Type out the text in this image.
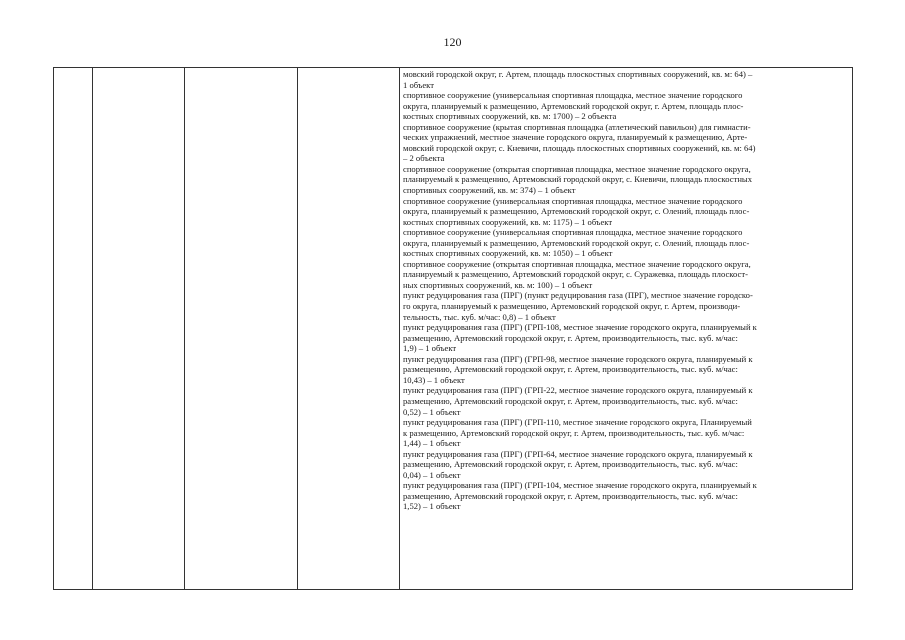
120
мовский городской округ, г. Артем, площадь плоскостных спортивных сооружений, кв. м: 64) –
1 объект
спортивное сооружение (универсальная спортивная площадка, местное значение городского
округа, планируемый к размещению, Артемовский городской округ, г. Артем, площадь плос-
костных спортивных сооружений, кв. м: 1700) – 2 объекта
спортивное сооружение (крытая спортивная площадка (атлетический павильон) для гимнасти-
ческих упражнений, местное значение городского округа, планируемый к размещению, Арте-
мовский городской округ, с. Кневичи, площадь плоскостных спортивных сооружений, кв. м: 64)
– 2 объекта
спортивное сооружение (открытая спортивная площадка, местное значение городского округа,
планируемый к размещению, Артемовский городской округ, с. Кневичи, площадь плоскостных
спортивных сооружений, кв. м: 374) – 1 объект
спортивное сооружение (универсальная спортивная площадка, местное значение городского
округа, планируемый к размещению, Артемовский городской округ, с. Олений, площадь плос-
костных спортивных сооружений, кв. м: 1175) – 1 объект
спортивное сооружение (универсальная спортивная площадка, местное значение городского
округа, планируемый к размещению, Артемовский городской округ, с. Олений, площадь плос-
костных спортивных сооружений, кв. м: 1050) – 1 объект
спортивное сооружение (открытая спортивная площадка, местное значение городского округа,
планируемый к размещению, Артемовский городской округ, с. Суражевка, площадь плоскост-
ных спортивных сооружений, кв. м: 100) – 1 объект
пункт редуцирования газа (ПРГ) (пункт редуцирования газа (ПРГ), местное значение городско-
го округа, планируемый к размещению, Артемовский городской округ, г. Артем, производи-
тельность, тыс. куб. м/час: 0,8) – 1 объект
пункт редуцирования газа (ПРГ) (ГРП-108, местное значение городского округа, планируемый к
размещению, Артемовский городской округ, г. Артем, производительность, тыс. куб. м/час:
1,9) – 1 объект
пункт редуцирования газа (ПРГ) (ГРП-98, местное значение городского округа, планируемый к
размещению, Артемовский городской округ, г. Артем, производительность, тыс. куб. м/час:
10,43) – 1 объект
пункт редуцирования газа (ПРГ) (ГРП-22, местное значение городского округа, планируемый к
размещению, Артемовский городской округ, г. Артем, производительность, тыс. куб. м/час:
0,52) – 1 объект
пункт редуцирования газа (ПРГ) (ГРП-110, местное значение городского округа, Планируемый
к размещению, Артемовский городской округ, г. Артем, производительность, тыс. куб. м/час:
1,44) – 1 объект
пункт редуцирования газа (ПРГ) (ГРП-64, местное значение городского округа, планируемый к
размещению, Артемовский городской округ, г. Артем, производительность, тыс. куб. м/час:
0,04) – 1 объект
пункт редуцирования газа (ПРГ) (ГРП-104, местное значение городского округа, планируемый к
размещению, Артемовский городской округ, г. Артем, производительность, тыс. куб. м/час:
1,52) – 1 объект
